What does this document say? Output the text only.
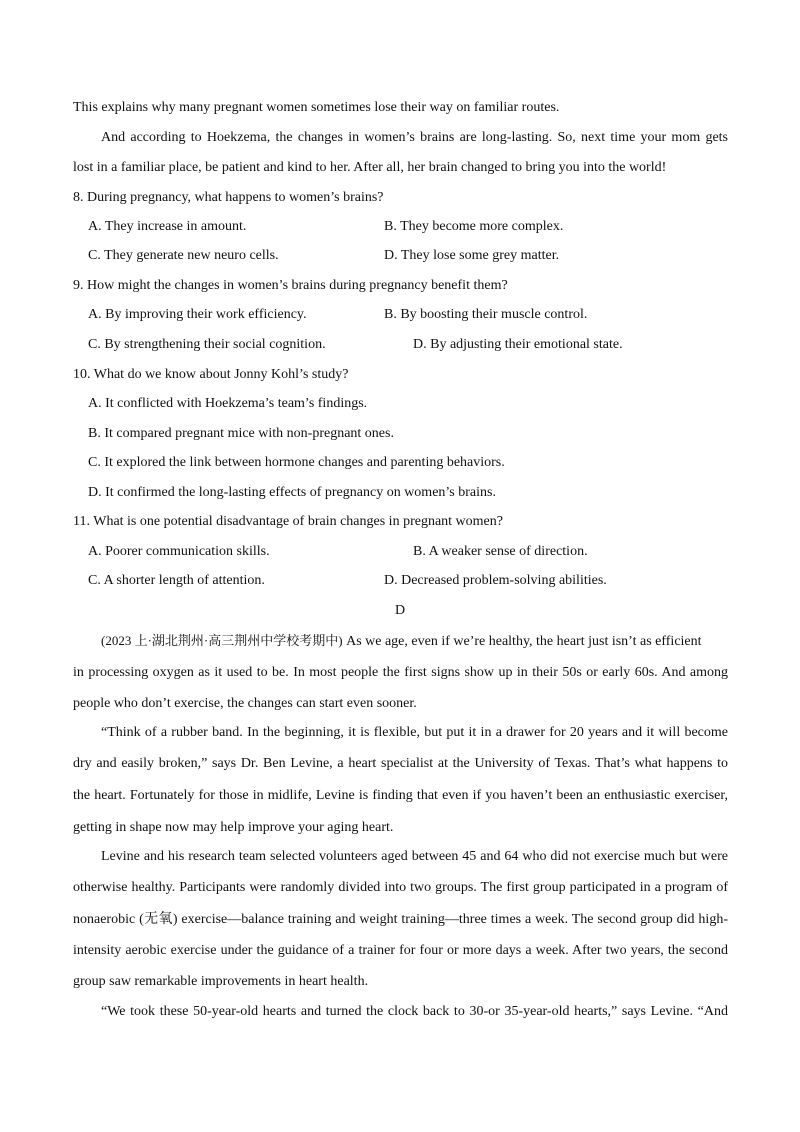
This explains why many pregnant women sometimes lose their way on familiar routes.
And according to Hoekzema, the changes in women’s brains are long-lasting. So, next time your mom gets
lost in a familiar place, be patient and kind to her. After all, her brain changed to bring you into the world!
8. During pregnancy, what happens to women’s brains?
A. They increase in amount.	B. They become more complex.
C. They generate new neuro cells.	D. They lose some grey matter.
9. How might the changes in women’s brains during pregnancy benefit them?
A. By improving their work efficiency.	B. By boosting their muscle control.
C. By strengthening their social cognition.	D. By adjusting their emotional state.
10. What do we know about Jonny Kohl’s study?
A. It conflicted with Hoekzema’s team’s findings.
B. It compared pregnant mice with non-pregnant ones.
C. It explored the link between hormone changes and parenting behaviors.
D. It confirmed the long-lasting effects of pregnancy on women’s brains.
11. What is one potential disadvantage of brain changes in pregnant women?
A. Poorer communication skills.	B. A weaker sense of direction.
C. A shorter length of attention.	D. Decreased problem-solving abilities.
D
(2023 上·湖北荆州·高三荆州中学校考期中) As we age, even if we’re healthy, the heart just isn’t as efficient
in processing oxygen as it used to be. In most people the first signs show up in their 50s or early 60s. And among
people who don’t exercise, the changes can start even sooner.
“Think of a rubber band. In the beginning, it is flexible, but put it in a drawer for 20 years and it will become
dry and easily broken,” says Dr. Ben Levine, a heart specialist at the University of Texas. That’s what happens to
the heart. Fortunately for those in midlife, Levine is finding that even if you haven’t been an enthusiastic exerciser,
getting in shape now may help improve your aging heart.
Levine and his research team selected volunteers aged between 45 and 64 who did not exercise much but were
otherwise healthy. Participants were randomly divided into two groups. The first group participated in a program of
nonaerobic (无氧) exercise—balance training and weight training—three times a week. The second group did high-
intensity aerobic exercise under the guidance of a trainer for four or more days a week. After two years, the second
group saw remarkable improvements in heart health.
“We took these 50-year-old hearts and turned the clock back to 30-or 35-year-old hearts,” says Levine. “And
